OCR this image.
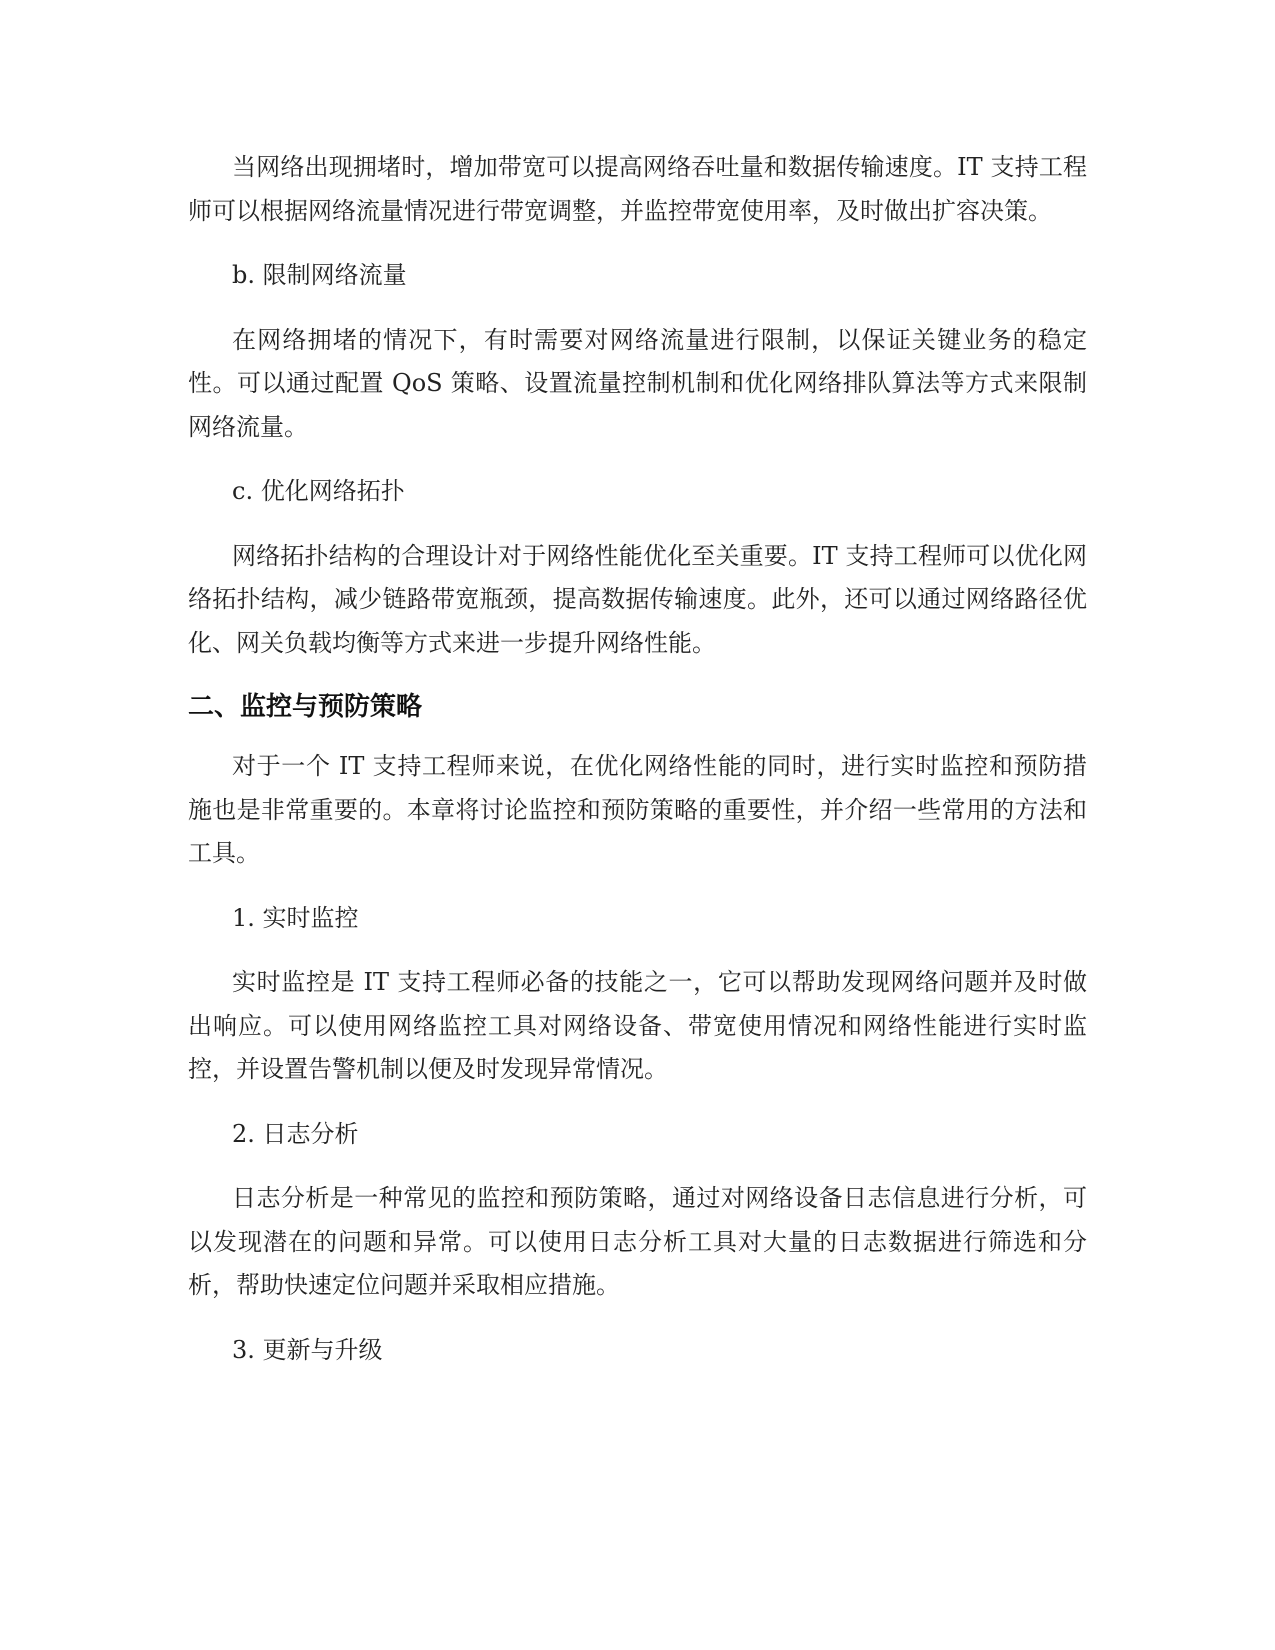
当网络出现拥堵时，增加带宽可以提高网络吞吐量和数据传输速度。IT 支持工程师可以根据网络流量情况进行带宽调整，并监控带宽使用率，及时做出扩容决策。

b. 限制网络流量

在网络拥堵的情况下，有时需要对网络流量进行限制，以保证关键业务的稳定性。可以通过配置 QoS 策略、设置流量控制机制和优化网络排队算法等方式来限制网络流量。

c. 优化网络拓扑

网络拓扑结构的合理设计对于网络性能优化至关重要。IT 支持工程师可以优化网络拓扑结构，减少链路带宽瓶颈，提高数据传输速度。此外，还可以通过网络路径优化、网关负载均衡等方式来进一步提升网络性能。

二、监控与预防策略

对于一个 IT 支持工程师来说，在优化网络性能的同时，进行实时监控和预防措施也是非常重要的。本章将讨论监控和预防策略的重要性，并介绍一些常用的方法和工具。

1. 实时监控

实时监控是 IT 支持工程师必备的技能之一，它可以帮助发现网络问题并及时做出响应。可以使用网络监控工具对网络设备、带宽使用情况和网络性能进行实时监控，并设置告警机制以便及时发现异常情况。

2. 日志分析

日志分析是一种常见的监控和预防策略，通过对网络设备日志信息进行分析，可以发现潜在的问题和异常。可以使用日志分析工具对大量的日志数据进行筛选和分析，帮助快速定位问题并采取相应措施。

3. 更新与升级
